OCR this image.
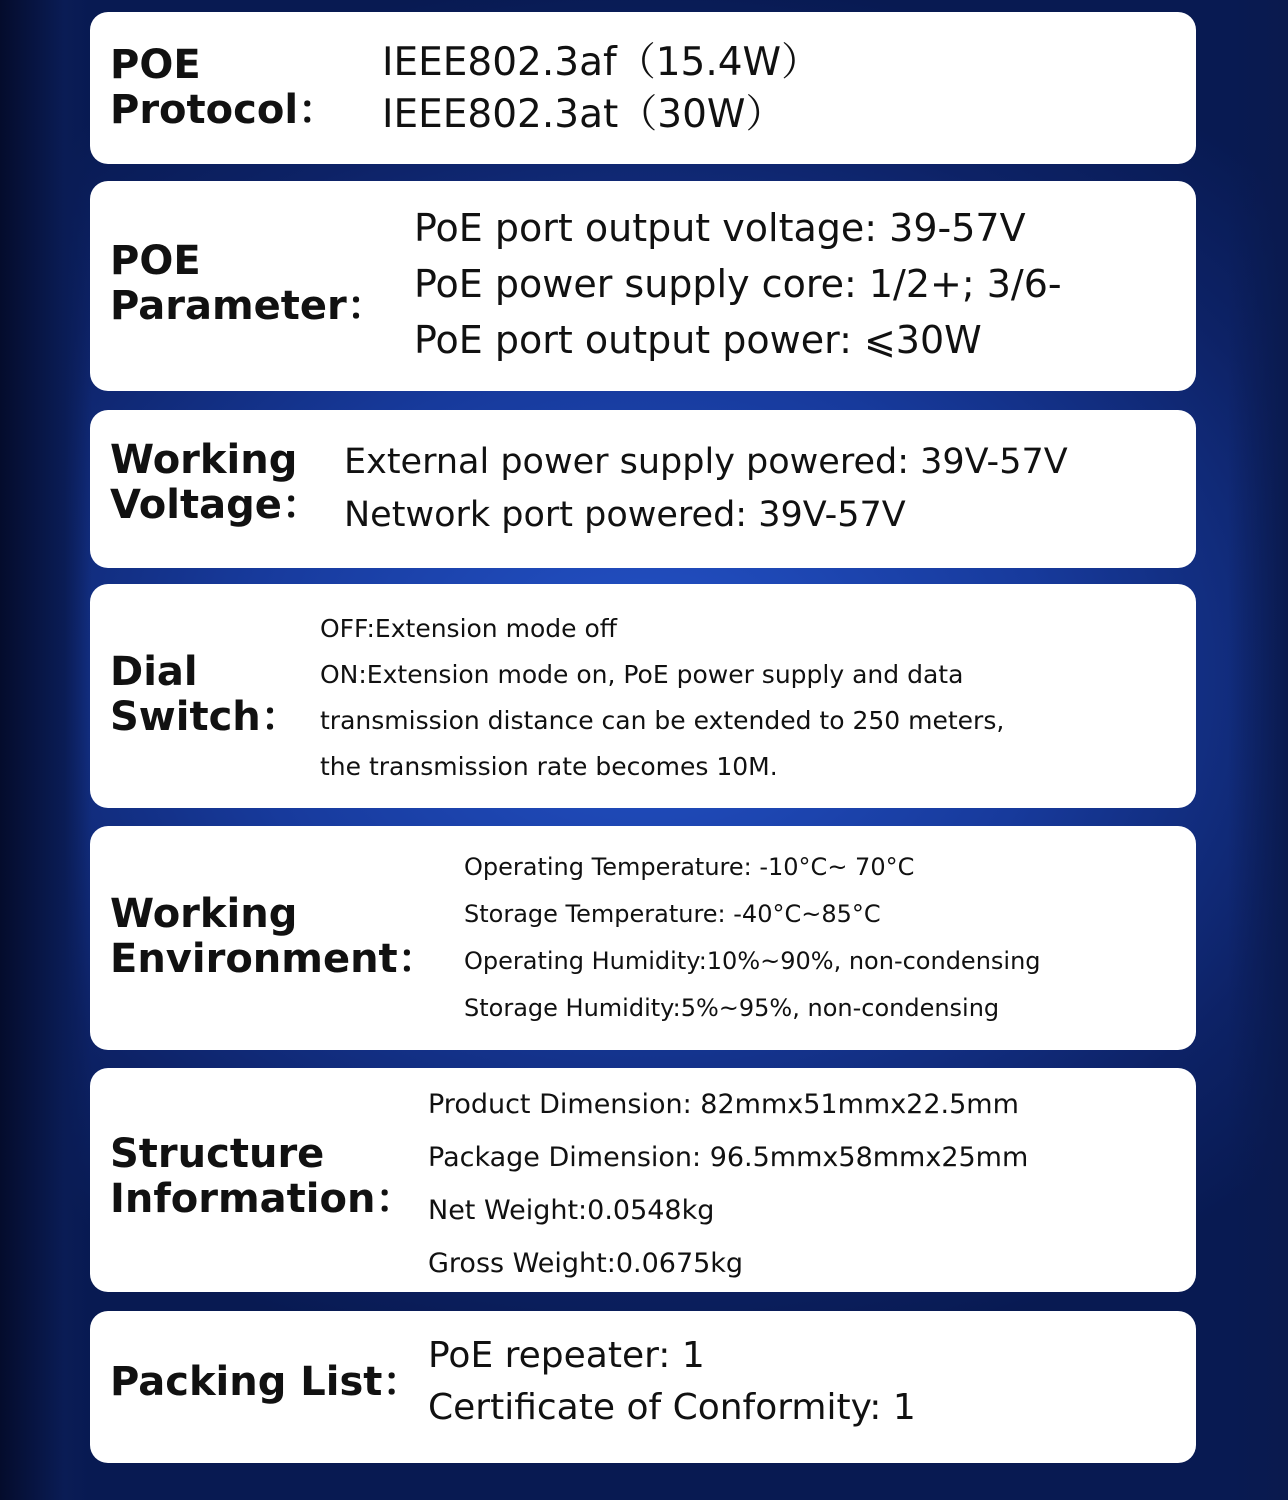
POE
Protocol：
IEEE802.3af（15.4W）
IEEE802.3at（30W）
POE
Parameter：
PoE port output voltage: 39-57V
PoE power supply core: 1/2+; 3/6-
PoE port output power: ⩽30W
Working
Voltage：
External power supply powered: 39V-57V
Network port powered: 39V-57V
Dial
Switch：
OFF:Extension mode off
ON:Extension mode on, PoE power supply and data
transmission distance can be extended to 250 meters,
the transmission rate becomes 10M.
Working
Environment：
Operating Temperature: -10°C~ 70°C
Storage Temperature: -40°C~85°C
Operating Humidity:10%~90%, non-condensing
Storage Humidity:5%~95%, non-condensing
Structure
Information：
Product Dimension: 82mmx51mmx22.5mm
Package Dimension: 96.5mmx58mmx25mm
Net Weight:0.0548kg
Gross Weight:0.0675kg
Packing List：
PoE repeater: 1
Certificate of Conformity: 1
